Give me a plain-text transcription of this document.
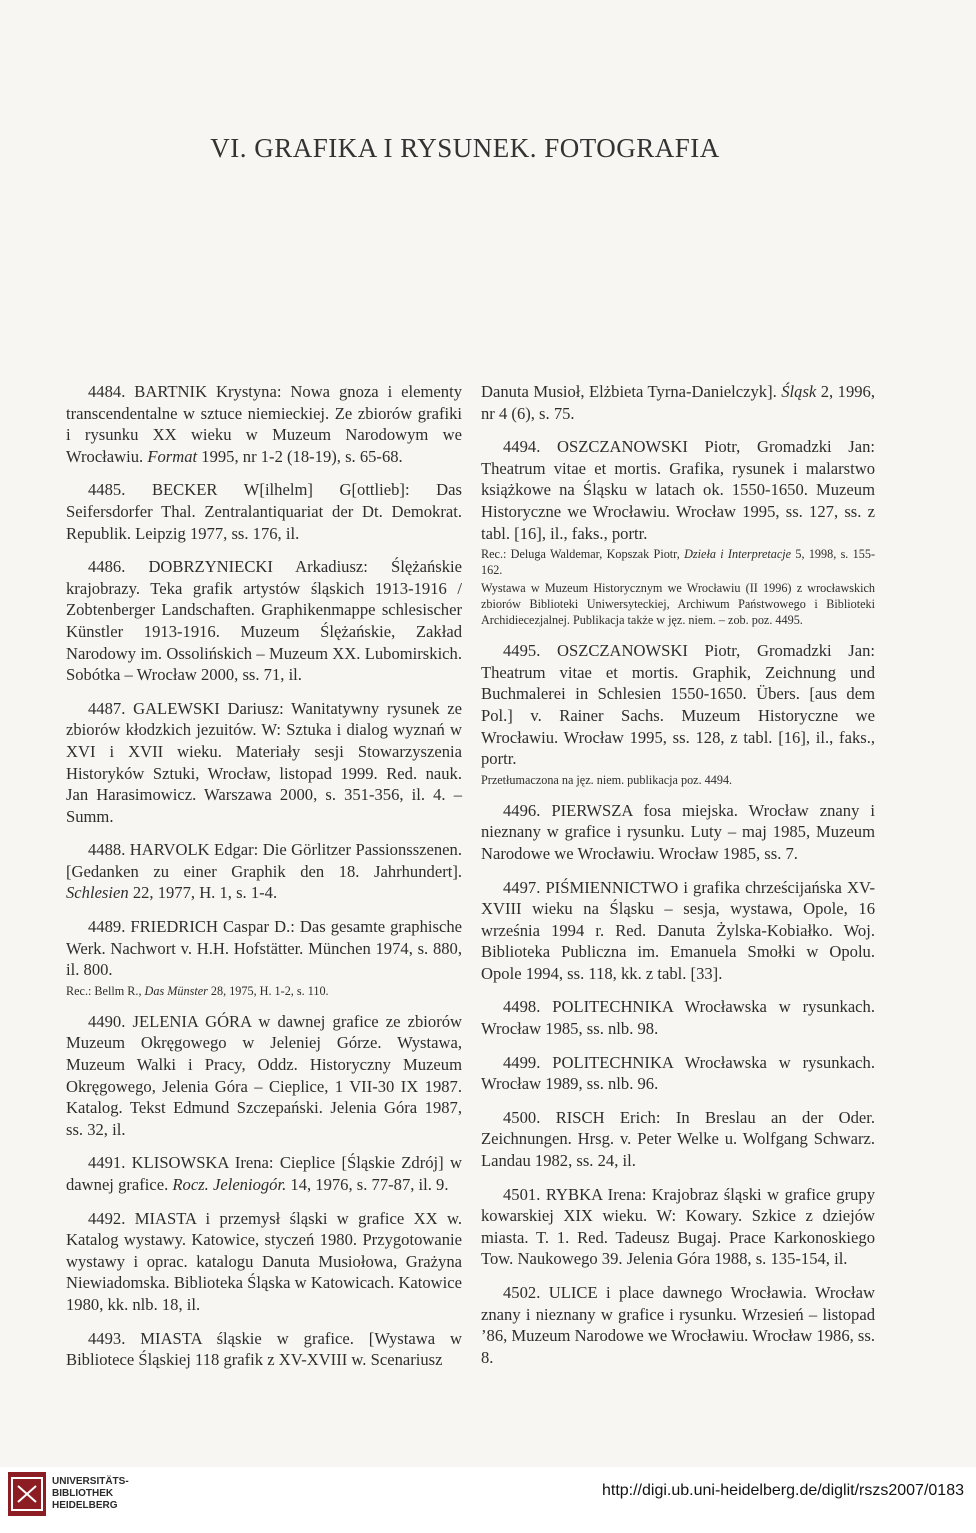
VI. GRAFIKA I RYSUNEK. FOTOGRAFIA

4484. BARTNIK Krystyna: Nowa gnoza i elementy transcendentalne w sztuce niemieckiej. Ze zbiorów grafiki i rysunku XX wieku w Muzeum Narodowym we Wrocławiu. Format 1995, nr 1-2 (18-19), s. 65-68.

4485. BECKER W[ilhelm] G[ottlieb]: Das Seifersdorfer Thal. Zentralantiquariat der Dt. Demokrat. Republik. Leipzig 1977, ss. 176, il.

4486. DOBRZYNIECKI Arkadiusz: Ślężańskie krajobrazy. Teka grafik artystów śląskich 1913-1916 / Zobtenberger Landschaften. Graphikenmappe schlesischer Künstler 1913-1916. Muzeum Ślężańskie, Zakład Narodowy im. Ossolińskich – Muzeum XX. Lubomirskich. Sobótka – Wrocław 2000, ss. 71, il.

4487. GALEWSKI Dariusz: Wanitatywny rysunek ze zbiorów kłodzkich jezuitów. W: Sztuka i dialog wyznań w XVI i XVII wieku. Materiały sesji Stowarzyszenia Historyków Sztuki, Wrocław, listopad 1999. Red. nauk. Jan Harasimowicz. Warszawa 2000, s. 351-356, il. 4. – Summ.

4488. HARVOLK Edgar: Die Görlitzer Passionsszenen. [Gedanken zu einer Graphik den 18. Jahrhundert]. Schlesien 22, 1977, H. 1, s. 1-4.

4489. FRIEDRICH Caspar D.: Das gesamte graphische Werk. Nachwort v. H.H. Hofstätter. München 1974, s. 880, il. 800.

Rec.: Bellm R., Das Münster 28, 1975, H. 1-2, s. 110.

4490. JELENIA GÓRA w dawnej grafice ze zbiorów Muzeum Okręgowego w Jeleniej Górze. Wystawa, Muzeum Walki i Pracy, Oddz. Historyczny Muzeum Okręgowego, Jelenia Góra – Cieplice, 1 VII-30 IX 1987. Katalog. Tekst Edmund Szczepański. Jelenia Góra 1987, ss. 32, il.

4491. KLISOWSKA Irena: Cieplice [Śląskie Zdrój] w dawnej grafice. Rocz. Jeleniogór. 14, 1976, s. 77-87, il. 9.

4492. MIASTA i przemysł śląski w grafice XX w. Katalog wystawy. Katowice, styczeń 1980. Przygotowanie wystawy i oprac. katalogu Danuta Musiołowa, Grażyna Niewiadomska. Biblioteka Śląska w Katowicach. Katowice 1980, kk. nlb. 18, il.

4493. MIASTA śląskie w grafice. [Wystawa w Bibliotece Śląskiej 118 grafik z XV-XVIII w. Scenariusz

Danuta Musioł, Elżbieta Tyrna-Danielczyk]. Śląsk 2, 1996, nr 4 (6), s. 75.

4494. OSZCZANOWSKI Piotr, Gromadzki Jan: Theatrum vitae et mortis. Grafika, rysunek i malarstwo książkowe na Śląsku w latach ok. 1550-1650. Muzeum Historyczne we Wrocławiu. Wrocław 1995, ss. 127, ss. z tabl. [16], il., faks., portr.

Rec.: Deluga Waldemar, Kopszak Piotr, Dzieła i Interpretacje 5, 1998, s. 155-162.

Wystawa w Muzeum Historycznym we Wrocławiu (II 1996) z wrocławskich zbiorów Biblioteki Uniwersyteckiej, Archiwum Państwowego i Biblioteki Archidiecezjalnej. Publikacja także w jęz. niem. – zob. poz. 4495.

4495. OSZCZANOWSKI Piotr, Gromadzki Jan: Theatrum vitae et mortis. Graphik, Zeichnung und Buchmalerei in Schlesien 1550-1650. Übers. [aus dem Pol.] v. Rainer Sachs. Muzeum Historyczne we Wrocławiu. Wrocław 1995, ss. 128, z tabl. [16], il., faks., portr.

Przetłumaczona na jęz. niem. publikacja poz. 4494.

4496. PIERWSZA fosa miejska. Wrocław znany i nieznany w grafice i rysunku. Luty – maj 1985, Muzeum Narodowe we Wrocławiu. Wrocław 1985, ss. 7.

4497. PIŚMIENNICTWO i grafika chrześcijańska XV-XVIII wieku na Śląsku – sesja, wystawa, Opole, 16 września 1994 r. Red. Danuta Żylska-Kobiałko. Woj. Biblioteka Publiczna im. Emanuela Smołki w Opolu. Opole 1994, ss. 118, kk. z tabl. [33].

4498. POLITECHNIKA Wrocławska w rysunkach. Wrocław 1985, ss. nlb. 98.

4499. POLITECHNIKA Wrocławska w rysunkach. Wrocław 1989, ss. nlb. 96.

4500. RISCH Erich: In Breslau an der Oder. Zeichnungen. Hrsg. v. Peter Welke u. Wolfgang Schwarz. Landau 1982, ss. 24, il.

4501. RYBKA Irena: Krajobraz śląski w grafice grupy kowarskiej XIX wieku. W: Kowary. Szkice z dziejów miasta. T. 1. Red. Tadeusz Bugaj. Prace Karkonoskiego Tow. Naukowego 39. Jelenia Góra 1988, s. 135-154, il.

4502. ULICE i place dawnego Wrocławia. Wrocław znany i nieznany w grafice i rysunku. Wrzesień – listopad ’86, Muzeum Narodowe we Wrocławiu. Wrocław 1986, ss. 8.

UNIVERSITÄTS-
BIBLIOTHEK
HEIDELBERG
http://digi.ub.uni-heidelberg.de/diglit/rszs2007/0183
